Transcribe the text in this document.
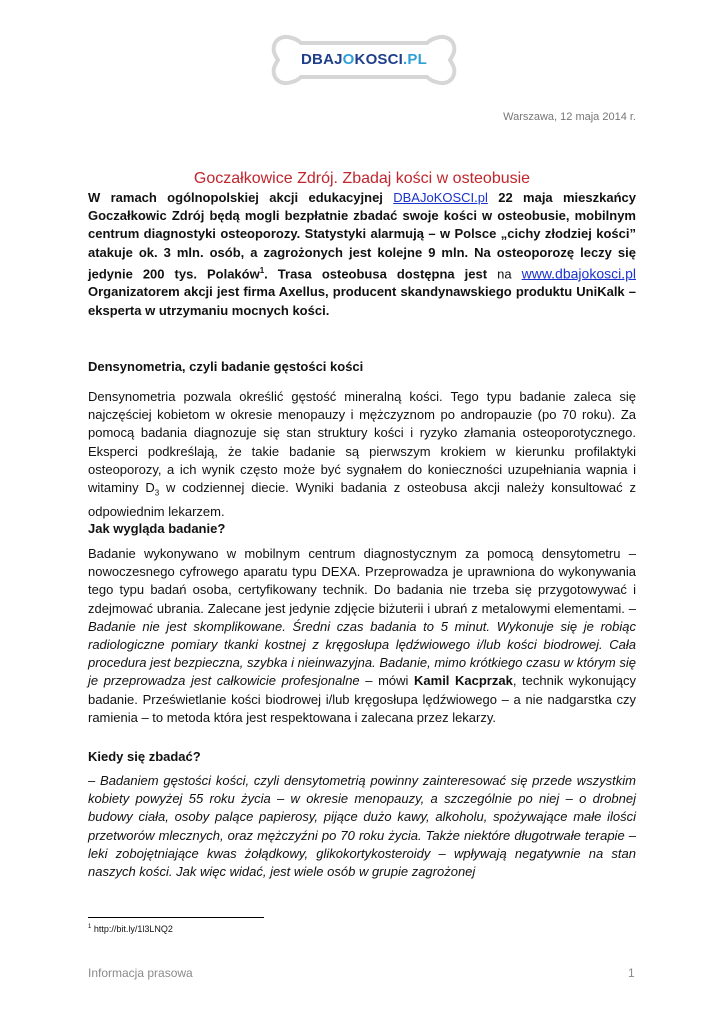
DBAJOKOSCI.PL
Warszawa, 12 maja 2014 r.
Goczałkowice Zdrój. Zbadaj kości w osteobusie

W ramach ogólnopolskiej akcji edukacyjnej DBAJoKOSCI.pl 22 maja mieszkańcy Goczałkowic Zdrój będą mogli bezpłatnie zbadać swoje kości w osteobusie, mobilnym centrum diagnostyki osteoporozy. Statystyki alarmują – w Polsce „cichy złodziej kości” atakuje ok. 3 mln. osób, a zagrożonych jest kolejne 9 mln. Na osteoporozę leczy się jedynie 200 tys. Polaków$^1$. Trasa osteobusa dostępna jest na www.dbajokosci.pl Organizatorem akcji jest firma Axellus, producent skandynawskiego produktu UniKalk – eksperta w utrzymaniu mocnych kości.

Densynometria, czyli badanie gęstości kości

Densynometria pozwala określić gęstość mineralną kości. Tego typu badanie zaleca się najczęściej kobietom w okresie menopauzy i mężczyznom po andropauzie (po 70 roku). Za pomocą badania diagnozuje się stan struktury kości i ryzyko złamania osteoporotycznego. Eksperci podkreślają, że takie badanie są pierwszym krokiem w kierunku profilaktyki osteoporozy, a ich wynik często może być sygnałem do konieczności uzupełniania wapnia i witaminy $D_3$ w codziennej diecie. Wyniki badania z osteobusa akcji należy konsultować z odpowiednim lekarzem.

Jak wygląda badanie?

Badanie wykonywano w mobilnym centrum diagnostycznym za pomocą densytometru – nowoczesnego cyfrowego aparatu typu DEXA. Przeprowadza je uprawniona do wykonywania tego typu badań osoba, certyfikowany technik. Do badania nie trzeba się przygotowywać i zdejmować ubrania. Zalecane jest jedynie zdjęcie biżuterii i ubrań z metalowymi elementami. – Badanie nie jest skomplikowane. Średni czas badania to 5 minut. Wykonuje się je robiąc radiologiczne pomiary tkanki kostnej z kręgosłupa lędźwiowego i/lub kości biodrowej. Cała procedura jest bezpieczna, szybka i nieinwazyjna. Badanie, mimo krótkiego czasu w którym się je przeprowadza jest całkowicie profesjonalne – mówi Kamil Kacprzak, technik wykonujący badanie. Prześwietlanie kości biodrowej i/lub kręgosłupa lędźwiowego – a nie nadgarstka czy ramienia – to metoda która jest respektowana i zalecana przez lekarzy.

Kiedy się zbadać?

– Badaniem gęstości kości, czyli densytometrią powinny zainteresować się przede wszystkim kobiety powyżej 55 roku życia – w okresie menopauzy, a szczególnie po niej – o drobnej budowy ciała, osoby palące papierosy, pijące dużo kawy, alkoholu, spożywające małe ilości przetworów mlecznych, oraz mężczyźni po 70 roku życia. Także niektóre długotrwałe terapie – leki zobojętniające kwas żołądkowy, glikokortykosteroidy – wpływają negatywnie na stan naszych kości. Jak więc widać, jest wiele osób w grupie zagrożonej

$^1$ http://bit.ly/1l3LNQ2
Informacja prasowa	1
